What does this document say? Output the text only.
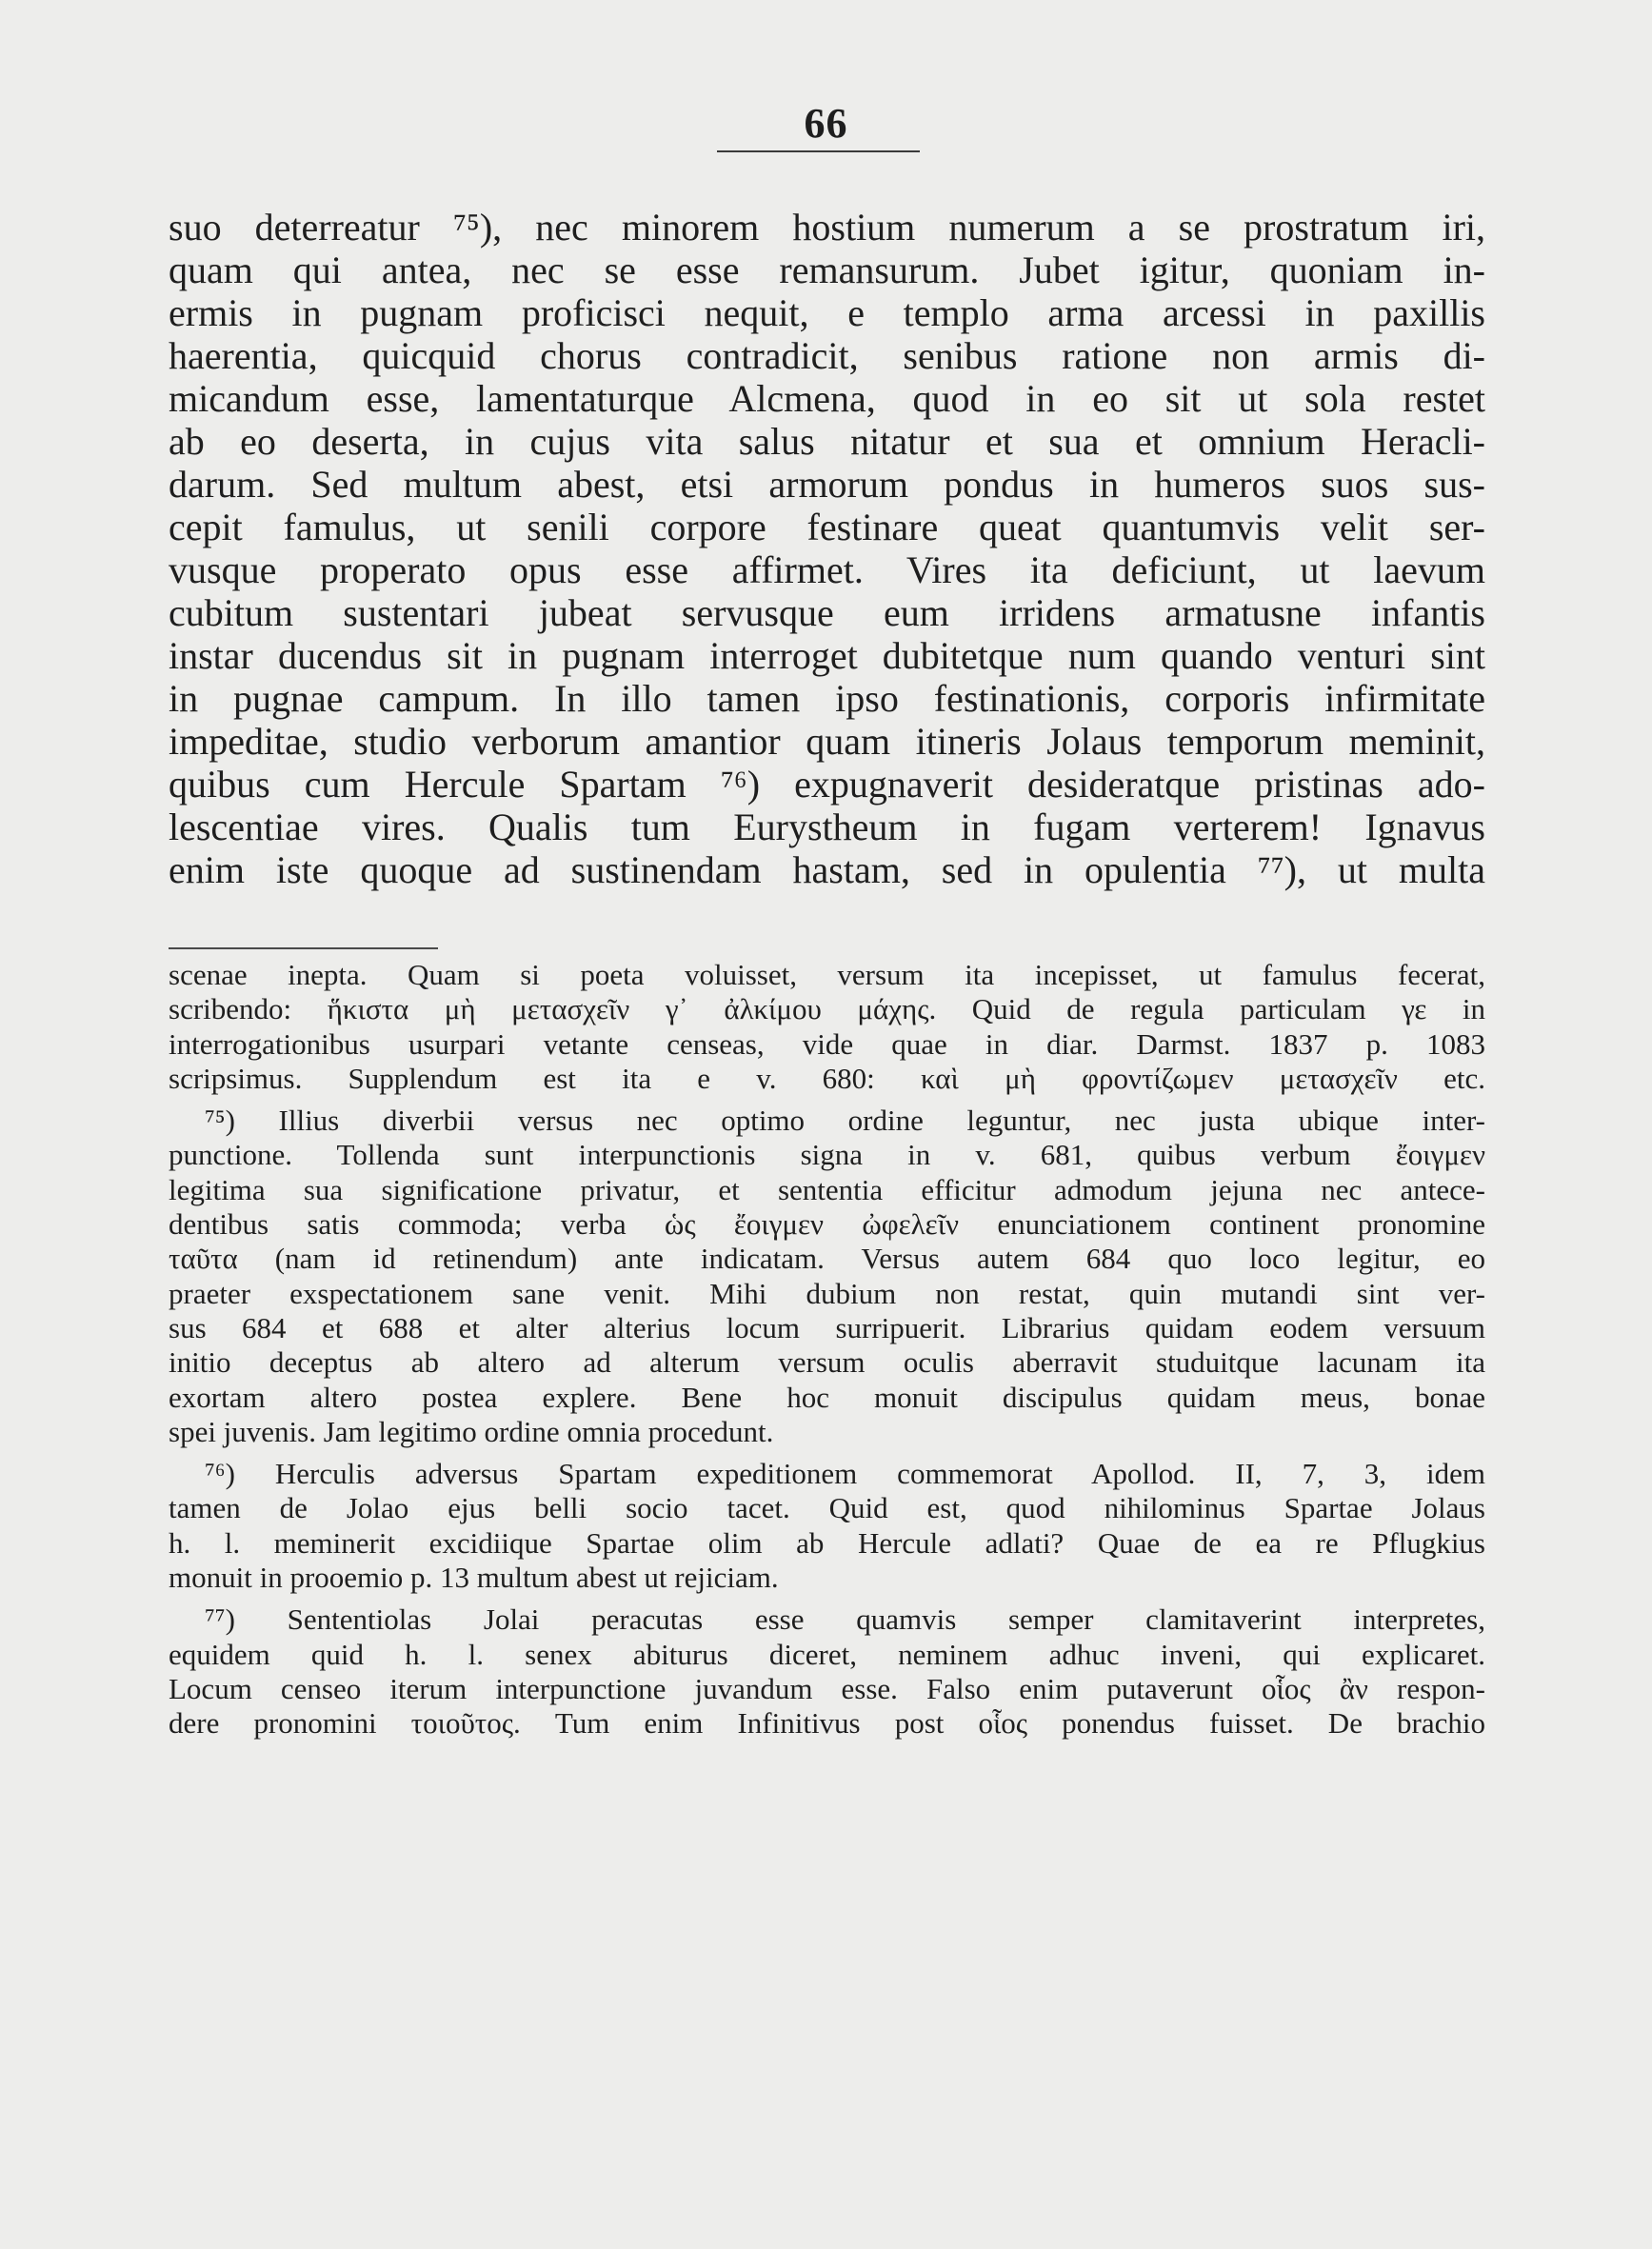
66
suo deterreatur ⁷⁵), nec minorem hostium numerum a se prostratum iri,
quam qui antea, nec se esse remansurum. Jubet igitur, quoniam in-
ermis in pugnam proficisci nequit, e templo arma arcessi in paxillis
haerentia, quicquid chorus contradicit, senibus ratione non armis di-
micandum esse, lamentaturque Alcmena, quod in eo sit ut sola restet
ab eo deserta, in cujus vita salus nitatur et sua et omnium Heracli-
darum. Sed multum abest, etsi armorum pondus in humeros suos sus-
cepit famulus, ut senili corpore festinare queat quantumvis velit ser-
vusque properato opus esse affirmet. Vires ita deficiunt, ut laevum
cubitum sustentari jubeat servusque eum irridens armatusne infantis
instar ducendus sit in pugnam interroget dubitetque num quando venturi sint
in pugnae campum. In illo tamen ipso festinationis, corporis infirmitate
impeditae, studio verborum amantior quam itineris Jolaus temporum meminit,
quibus cum Hercule Spartam ⁷⁶) expugnaverit desideratque pristinas ado-
lescentiae vires. Qualis tum Eurystheum in fugam verterem! Ignavus
enim iste quoque ad sustinendam hastam, sed in opulentia ⁷⁷), ut multa
scenae inepta. Quam si poeta voluisset, versum ita incepisset, ut famulus fecerat,
scribendo: ἥκιστα μὴ μετασχεῖν γ᾽ ἀλκίμου μάχης. Quid de regula particulam γε in
interrogationibus usurpari vetante censeas, vide quae in diar. Darmst. 1837 p. 1083
scripsimus. Supplendum est ita e v. 680: καὶ μὴ φροντίζωμεν μετασχεῖν etc.
⁷⁵) Illius diverbii versus nec optimo ordine leguntur, nec justa ubique inter-
punctione. Tollenda sunt interpunctionis signa in v. 681, quibus verbum ἔοιγμεν
legitima sua significatione privatur, et sententia efficitur admodum jejuna nec antece-
dentibus satis commoda; verba ὡς ἔοιγμεν ὠφελεῖν enunciationem continent pronomine
ταῦτα (nam id retinendum) ante indicatam. Versus autem 684 quo loco legitur, eo
praeter exspectationem sane venit. Mihi dubium non restat, quin mutandi sint ver-
sus 684 et 688 et alter alterius locum surripuerit. Librarius quidam eodem versuum
initio deceptus ab altero ad alterum versum oculis aberravit studuitque lacunam ita
exortam altero postea explere. Bene hoc monuit discipulus quidam meus, bonae
spei juvenis. Jam legitimo ordine omnia procedunt.
⁷⁶) Herculis adversus Spartam expeditionem commemorat Apollod. II, 7, 3, idem
tamen de Jolao ejus belli socio tacet. Quid est, quod nihilominus Spartae Jolaus
h. l. meminerit excidiique Spartae olim ab Hercule adlati? Quae de ea re Pflugkius
monuit in prooemio p. 13 multum abest ut rejiciam.
⁷⁷) Sententiolas Jolai peracutas esse quamvis semper clamitaverint interpretes,
equidem quid h. l. senex abiturus diceret, neminem adhuc inveni, qui explicaret.
Locum censeo iterum interpunctione juvandum esse. Falso enim putaverunt οἷος ἂν respon-
dere pronomini τοιοῦτος. Tum enim Infinitivus post οἷος ponendus fuisset. De brachio
